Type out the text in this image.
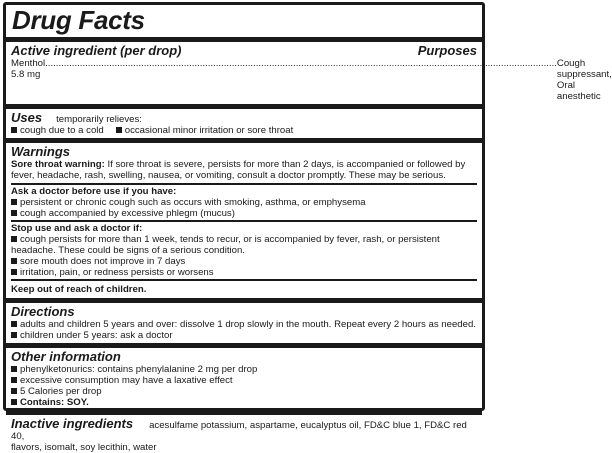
Drug Facts
Active ingredient (per drop)	Purposes
Menthol 5.8 mg
.....
Cough suppressant, Oral anesthetic

Uses temporarily relieves:

cough due to a cold occasional minor irritation or sore throat

Warnings

Sore throat warning: If sore throat is severe, persists for more than 2 days, is accompanied or followed by

fever, headache, rash, swelling, nausea, or vomiting, consult a doctor promptly. These may be serious.

Ask a doctor before use if you have:

persistent or chronic cough such as occurs with smoking, asthma, or emphysema

cough accompanied by excessive phlegm (mucus)

Stop use and ask a doctor if:

cough persists for more than 1 week, tends to recur, or is accompanied by fever, rash, or persistent

headache. These could be signs of a serious condition.

sore mouth does not improve in 7 days

irritation, pain, or redness persists or worsens

Keep out of reach of children.

Directions

adults and children 5 years and over: dissolve 1 drop slowly in the mouth. Repeat every 2 hours as needed.

children under 5 years: ask a doctor

Other information

phenylketonurics: contains phenylalanine 2 mg per drop

excessive consumption may have a laxative effect

5 Calories per drop

Contains: SOY.

Inactive ingredients acesulfame potassium, aspartame, eucalyptus oil, FD&C blue 1, FD&C red 40,

flavors, isomalt, soy lecithin, water
